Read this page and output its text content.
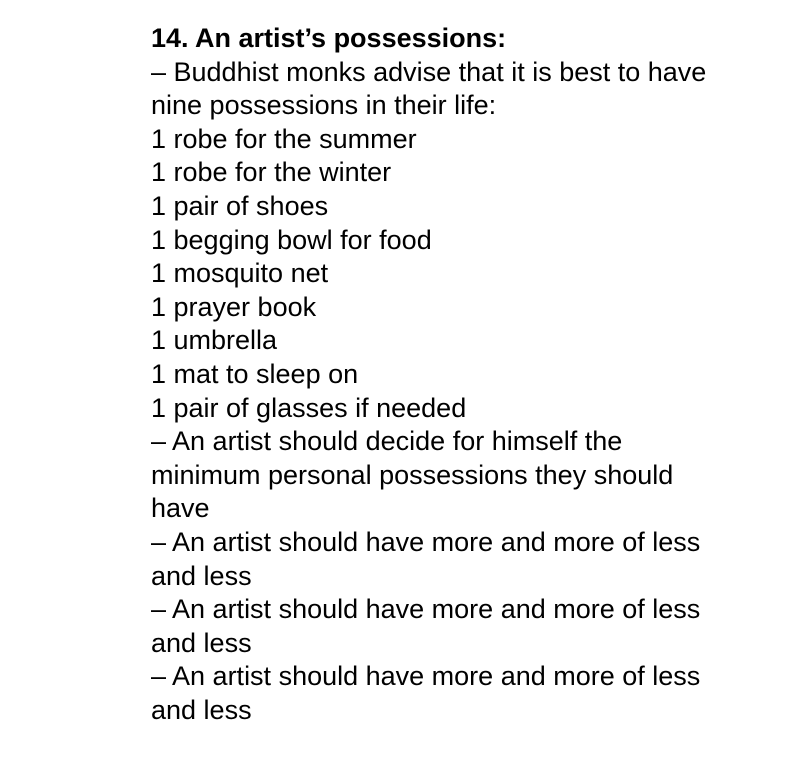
14. An artist’s possessions:
– Buddhist monks advise that it is best to have
nine possessions in their life:
1 robe for the summer
1 robe for the winter
1 pair of shoes
1 begging bowl for food
1 mosquito net
1 prayer book
1 umbrella
1 mat to sleep on
1 pair of glasses if needed
– An artist should decide for himself the
minimum personal possessions they should
have
– An artist should have more and more of less
and less
– An artist should have more and more of less
and less
– An artist should have more and more of less
and less
